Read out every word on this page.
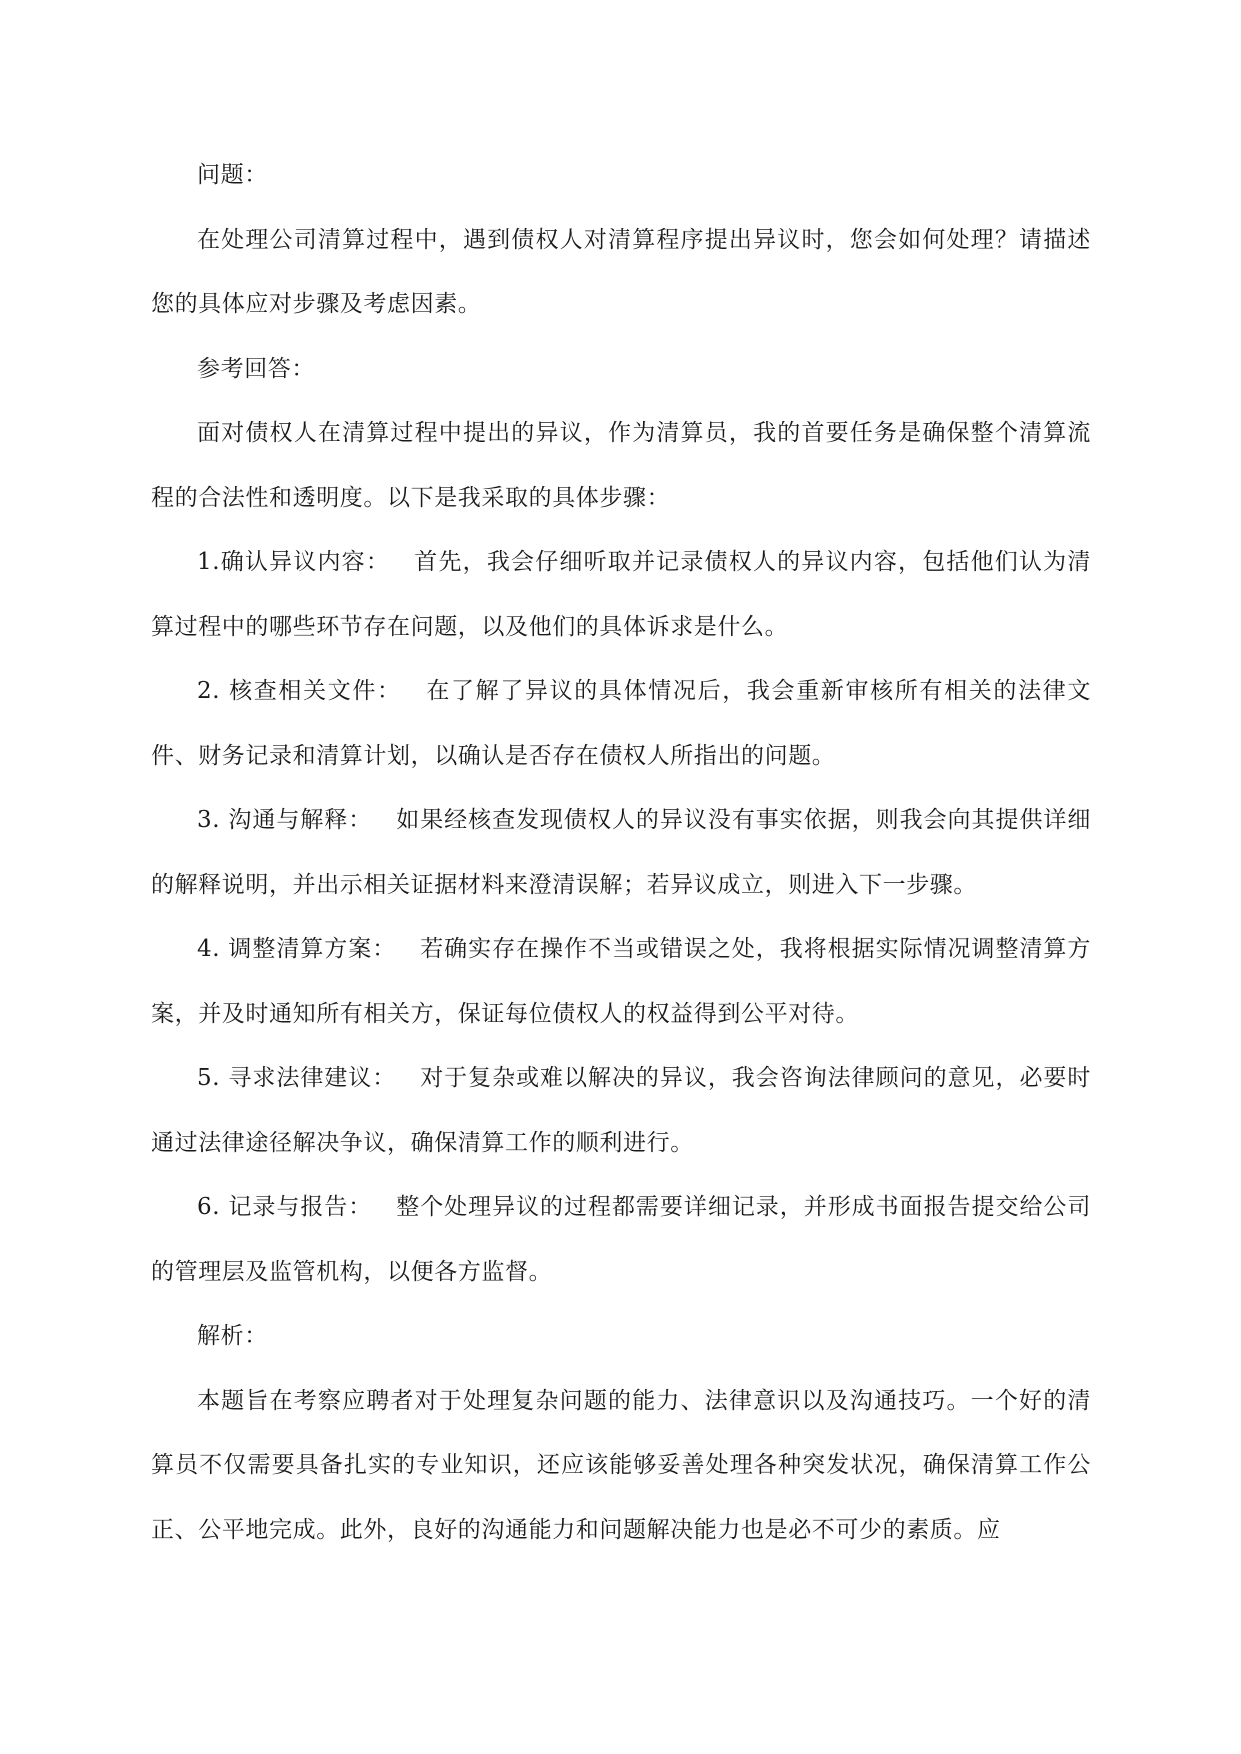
问题：

在处理公司清算过程中，遇到债权人对清算程序提出异议时，您会如何处理？请描述您的具体应对步骤及考虑因素。

参考回答：

面对债权人在清算过程中提出的异议，作为清算员，我的首要任务是确保整个清算流程的合法性和透明度。以下是我采取的具体步骤：

1.确认异议内容：  首先，我会仔细听取并记录债权人的异议内容，包括他们认为清算过程中的哪些环节存在问题，以及他们的具体诉求是什么。

2. 核查相关文件：  在了解了异议的具体情况后，我会重新审核所有相关的法律文件、财务记录和清算计划，以确认是否存在债权人所指出的问题。

3. 沟通与解释：  如果经核查发现债权人的异议没有事实依据，则我会向其提供详细的解释说明，并出示相关证据材料来澄清误解；若异议成立，则进入下一步骤。

4. 调整清算方案：  若确实存在操作不当或错误之处，我将根据实际情况调整清算方案，并及时通知所有相关方，保证每位债权人的权益得到公平对待。

5. 寻求法律建议：  对于复杂或难以解决的异议，我会咨询法律顾问的意见，必要时通过法律途径解决争议，确保清算工作的顺利进行。

6. 记录与报告：  整个处理异议的过程都需要详细记录，并形成书面报告提交给公司的管理层及监管机构，以便各方监督。

解析：

本题旨在考察应聘者对于处理复杂问题的能力、法律意识以及沟通技巧。一个好的清算员不仅需要具备扎实的专业知识，还应该能够妥善处理各种突发状况，确保清算工作公正、公平地完成。此外，良好的沟通能力和问题解决能力也是必不可少的素质。应
